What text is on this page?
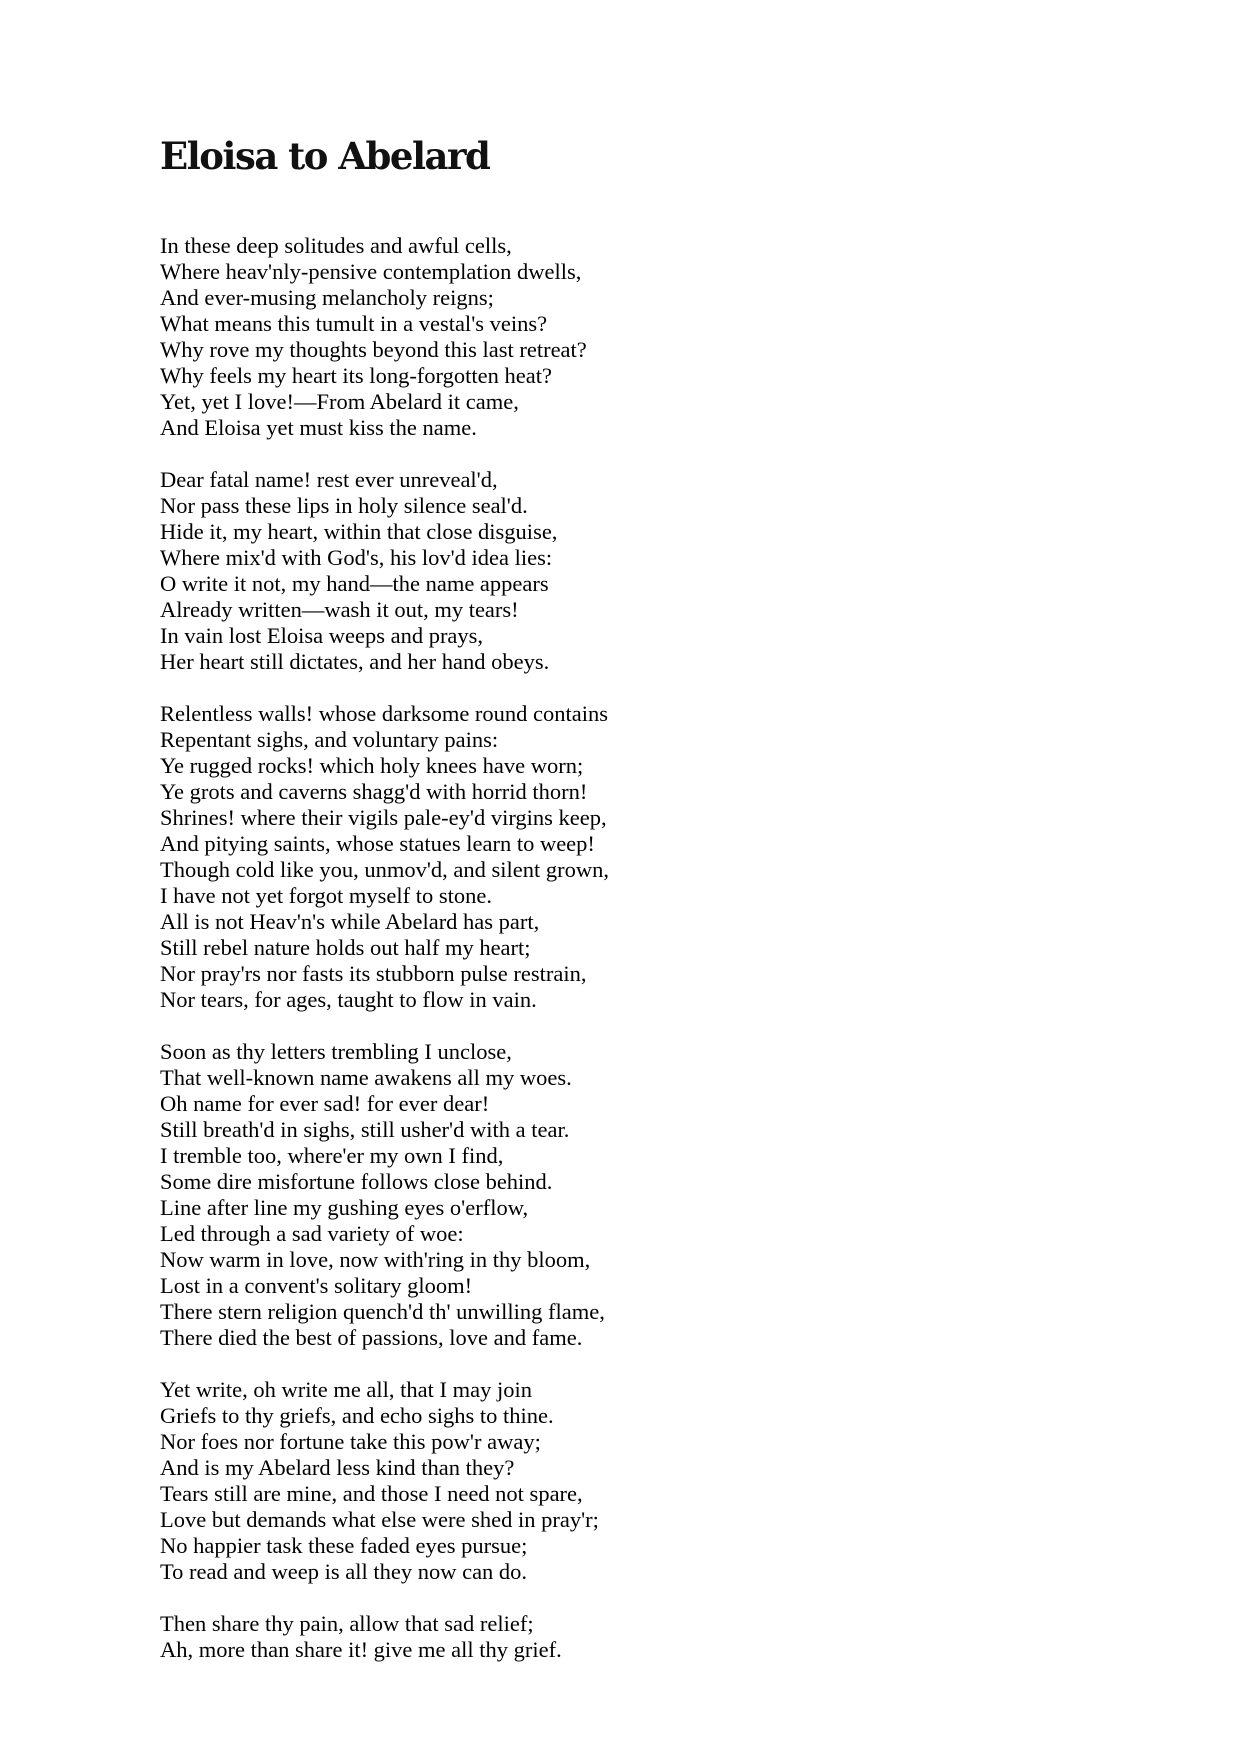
Eloisa to Abelard

In these deep solitudes and awful cells,
Where heav'nly-pensive contemplation dwells,
And ever-musing melancholy reigns;
What means this tumult in a vestal's veins?
Why rove my thoughts beyond this last retreat?
Why feels my heart its long-forgotten heat?
Yet, yet I love!—From Abelard it came,
And Eloisa yet must kiss the name.

Dear fatal name! rest ever unreveal'd,
Nor pass these lips in holy silence seal'd.
Hide it, my heart, within that close disguise,
Where mix'd with God's, his lov'd idea lies:
O write it not, my hand—the name appears
Already written—wash it out, my tears!
In vain lost Eloisa weeps and prays,
Her heart still dictates, and her hand obeys.

Relentless walls! whose darksome round contains
Repentant sighs, and voluntary pains:
Ye rugged rocks! which holy knees have worn;
Ye grots and caverns shagg'd with horrid thorn!
Shrines! where their vigils pale-ey'd virgins keep,
And pitying saints, whose statues learn to weep!
Though cold like you, unmov'd, and silent grown,
I have not yet forgot myself to stone.
All is not Heav'n's while Abelard has part,
Still rebel nature holds out half my heart;
Nor pray'rs nor fasts its stubborn pulse restrain,
Nor tears, for ages, taught to flow in vain.

Soon as thy letters trembling I unclose,
That well-known name awakens all my woes.
Oh name for ever sad! for ever dear!
Still breath'd in sighs, still usher'd with a tear.
I tremble too, where'er my own I find,
Some dire misfortune follows close behind.
Line after line my gushing eyes o'erflow,
Led through a sad variety of woe:
Now warm in love, now with'ring in thy bloom,
Lost in a convent's solitary gloom!
There stern religion quench'd th' unwilling flame,
There died the best of passions, love and fame.

Yet write, oh write me all, that I may join
Griefs to thy griefs, and echo sighs to thine.
Nor foes nor fortune take this pow'r away;
And is my Abelard less kind than they?
Tears still are mine, and those I need not spare,
Love but demands what else were shed in pray'r;
No happier task these faded eyes pursue;
To read and weep is all they now can do.

Then share thy pain, allow that sad relief;
Ah, more than share it! give me all thy grief.
